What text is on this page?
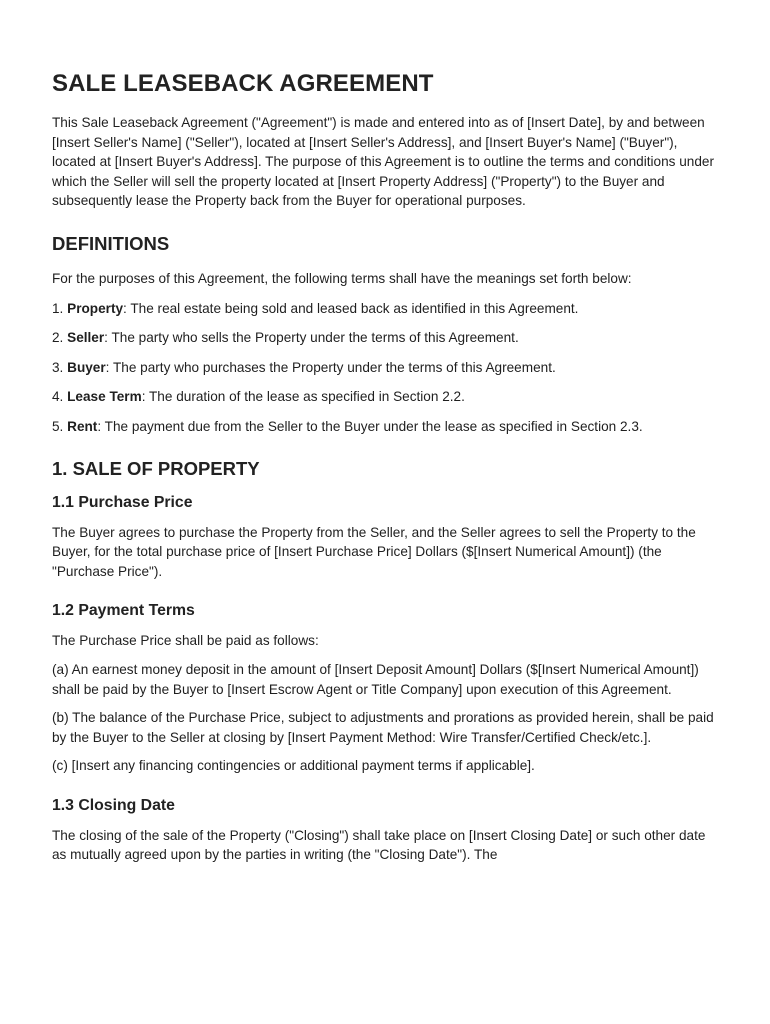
SALE LEASEBACK AGREEMENT

This Sale Leaseback Agreement ("Agreement") is made and entered into as of [Insert Date], by and between [Insert Seller's Name] ("Seller"), located at [Insert Seller's Address], and [Insert Buyer's Name] ("Buyer"), located at [Insert Buyer's Address]. The purpose of this Agreement is to outline the terms and conditions under which the Seller will sell the property located at [Insert Property Address] ("Property") to the Buyer and subsequently lease the Property back from the Buyer for operational purposes.

DEFINITIONS

For the purposes of this Agreement, the following terms shall have the meanings set forth below:

1. Property: The real estate being sold and leased back as identified in this Agreement.

2. Seller: The party who sells the Property under the terms of this Agreement.

3. Buyer: The party who purchases the Property under the terms of this Agreement.

4. Lease Term: The duration of the lease as specified in Section 2.2.

5. Rent: The payment due from the Seller to the Buyer under the lease as specified in Section 2.3.

1. SALE OF PROPERTY
1.1 Purchase Price

The Buyer agrees to purchase the Property from the Seller, and the Seller agrees to sell the Property to the Buyer, for the total purchase price of [Insert Purchase Price] Dollars ($[Insert Numerical Amount]) (the "Purchase Price").

1.2 Payment Terms

The Purchase Price shall be paid as follows:

(a) An earnest money deposit in the amount of [Insert Deposit Amount] Dollars ($[Insert Numerical Amount]) shall be paid by the Buyer to [Insert Escrow Agent or Title Company] upon execution of this Agreement.

(b) The balance of the Purchase Price, subject to adjustments and prorations as provided herein, shall be paid by the Buyer to the Seller at closing by [Insert Payment Method: Wire Transfer/Certified Check/etc.].

(c) [Insert any financing contingencies or additional payment terms if applicable].

1.3 Closing Date

The closing of the sale of the Property ("Closing") shall take place on [Insert Closing Date] or such other date as mutually agreed upon by the parties in writing (the "Closing Date"). The
